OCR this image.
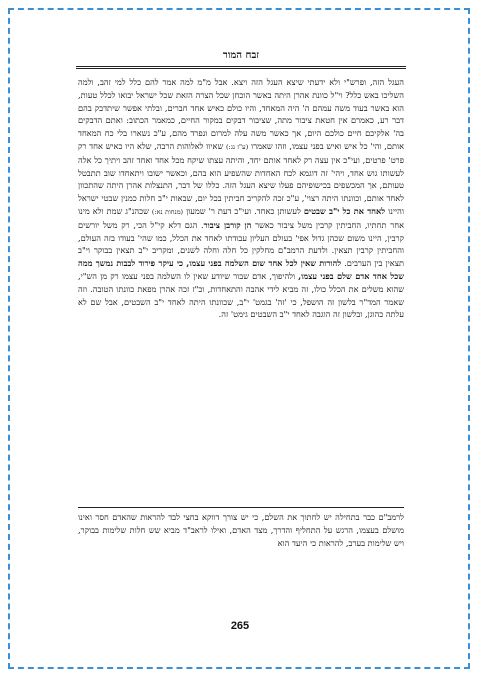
זבח המור
העגל הזה, ופרש"י ולא ידעתי שיצא העגל הזה ויצא. אבל מ"מ למה אמר להם כלל למי זהב, ולמה השליכו באש כלל? וי"ל כוונת אהרן היתה באשר הוכחן שכל הצרה הזאת שכל ישראל יבואו לכלל טעות, הוא באשר בעוד משה עמהם ה' היה המאחד, והיו כולם כאיש אחד חברים, ובלתי אפשר שיתדבק בהם דבר רע, כאמרם אין חטאת ציבור מתה, שציבור דבקים במקור החיים, כמאמר הכתוב: ואתם הדבקים בה' אלקיכם חיים כולכם היום, אך כאשר משה עלה למרום ונפרד מהם, ע"כ נשארו בלי כח המאחד אותם, והי' כל איש ואיש בפני עצמו, וזהו שאמרו (ע"ז נג:) שאיוו לאלוהות הרבה, שלא היו כאיש אחד רק פרט' פרטים, ועי"כ אין עצה רק לאחד אותם יחד, והיתה עצתו שיקח מכל אחד ואחד זהב ויתיך כל אלה לעשותו גוש אחד, ויהי' זה דוגמא לכח האחדות שהשפיע הוא בהם, וכאשר ישובו ויתאחדו שוב תתבטל טעותם, אך המכשפים בכישופיהם פעלו שיצא העגל הזה. כללו של דבר, התנצלות אהרן היתה שהתכוון לאחד אותם, וכוונתו היתה רצוי', ע"כ זכה להקריב חביתין בכל יום, שבאות י"ב חלות כמנין שבטי ישראל והיינו לאחד את כל י"ב שבטים לעשותן כאחד. ועי"כ דעת ר' שמעון (מנחות נא:) שכהנ"ג שמת ולא מינו אחר תחתיו, החביתין קרבין משל ציבור כאשר הן קורבן ציבור. הגם דלא קי"ל הכי, רק משל יורשים קרבין, היינו משום שכהן גדול אפי' בעולם העליון עבודתו לאחד את הכלל, כמו שהי' בעודו בזה העולם, והחביתין קרבין תצאין. ולדעת הרמב"ם מחלקין כל חלה וחלה לשנים, ומקריב י"ב תצאין בבוקר וי"ב תצאין בין הערבים. להורות שאין לכל אחד שום השלמה בפני עצמו, כי עיקר פירוד לבבות נמשך ממה שכל אחד אדם שלם בפני עצמו, ולהיפוך, אדם שבור שיודע שאין לו השלמה בפני עצמו רק מן הש"י, שהוא משלים את הכלל כולו, זה מביא לידי אהבה והתאחדות, וכ"ז זכה אהרן מפאת כוונתו הטובה. וזה שאמר המד"ר בלשון זה הושפל, כי 'זה' בגמט' י"ב, שכוונתו היתה לאחד י"ב השבטים, אבל שם לא עלתה כהוגן, ובלשון זה הוגבה לאחד י"ב השבטים גימט' זה.
לרמב"ם כבר בתחילה יש לחתוך את השלם, כי יש צורך דווקא בחצי לבד להראות שהאדם חסר ואינו מושלם בעצמו, הרגש על התחליף והדרך, מצד האדם, ואילו לראב"ד מביא שש חלות שלימות בבוקר, ויש שלימות בערב, להראות כי היעד הוא
265
